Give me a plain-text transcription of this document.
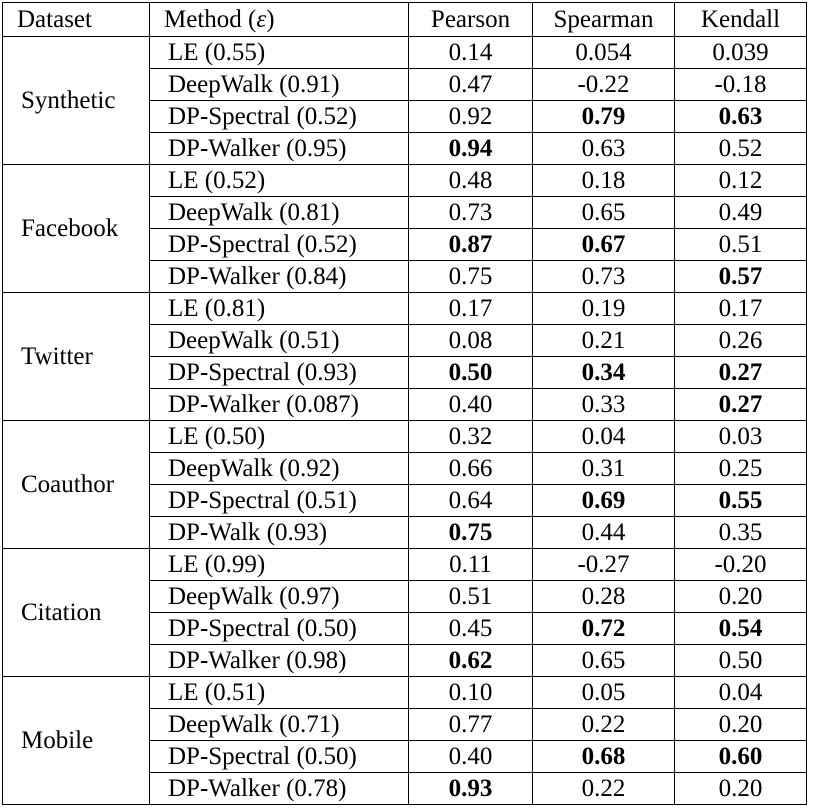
Dataset	Method (ε)	Pearson	Spearman	Kendall
Synthetic	LE (0.55)	0.14	0.054	0.039
	DeepWalk (0.91)	0.47	-0.22	-0.18
	DP-Spectral (0.52)	0.92	0.79	0.63
	DP-Walker (0.95)	0.94	0.63	0.52
Facebook	LE (0.52)	0.48	0.18	0.12
	DeepWalk (0.81)	0.73	0.65	0.49
	DP-Spectral (0.52)	0.87	0.67	0.51
	DP-Walker (0.84)	0.75	0.73	0.57
Twitter	LE (0.81)	0.17	0.19	0.17
	DeepWalk (0.51)	0.08	0.21	0.26
	DP-Spectral (0.93)	0.50	0.34	0.27
	DP-Walker (0.087)	0.40	0.33	0.27
Coauthor	LE (0.50)	0.32	0.04	0.03
	DeepWalk (0.92)	0.66	0.31	0.25
	DP-Spectral (0.51)	0.64	0.69	0.55
	DP-Walk (0.93)	0.75	0.44	0.35
Citation	LE (0.99)	0.11	-0.27	-0.20
	DeepWalk (0.97)	0.51	0.28	0.20
	DP-Spectral (0.50)	0.45	0.72	0.54
	DP-Walker (0.98)	0.62	0.65	0.50
Mobile	LE (0.51)	0.10	0.05	0.04
	DeepWalk (0.71)	0.77	0.22	0.20
	DP-Spectral (0.50)	0.40	0.68	0.60
	DP-Walker (0.78)	0.93	0.22	0.20
